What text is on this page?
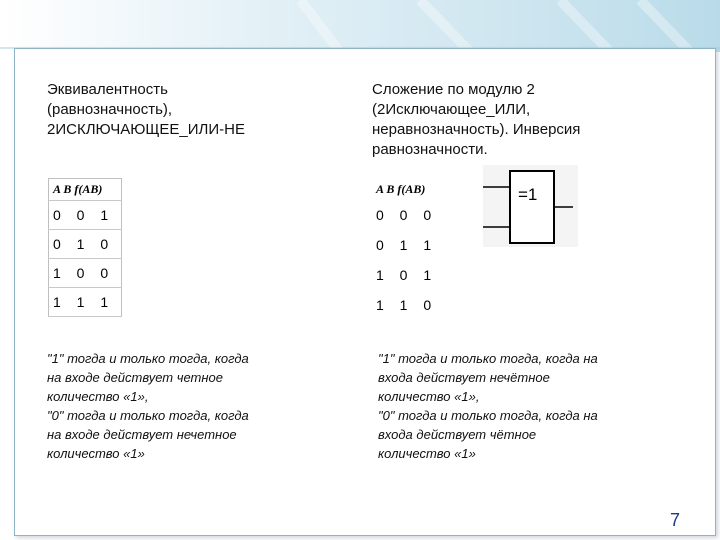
Эквивалентность
(равнозначность),
2ИСКЛЮЧАЮЩЕЕ_ИЛИ-НЕ
A B f(AB)
0 0 1
0 1 0
1 0 0
1 1 1
"1" тогда и только тогда, когда
на входе действует четное
количество «1»,
"0" тогда и только тогда, когда
на входе действует нечетное
количество «1»
Сложение по модулю 2
(2Исключающее_ИЛИ,
неравнозначность). Инверсия
равнозначности.
A B f(AB)
0 0 0
0 1 1
1 0 1
1 1 0
=1
"1" тогда и только тогда, когда на
входа действует нечётное
количество «1»,
"0" тогда и только тогда, когда на
входа действует чётное
количество «1»
7
